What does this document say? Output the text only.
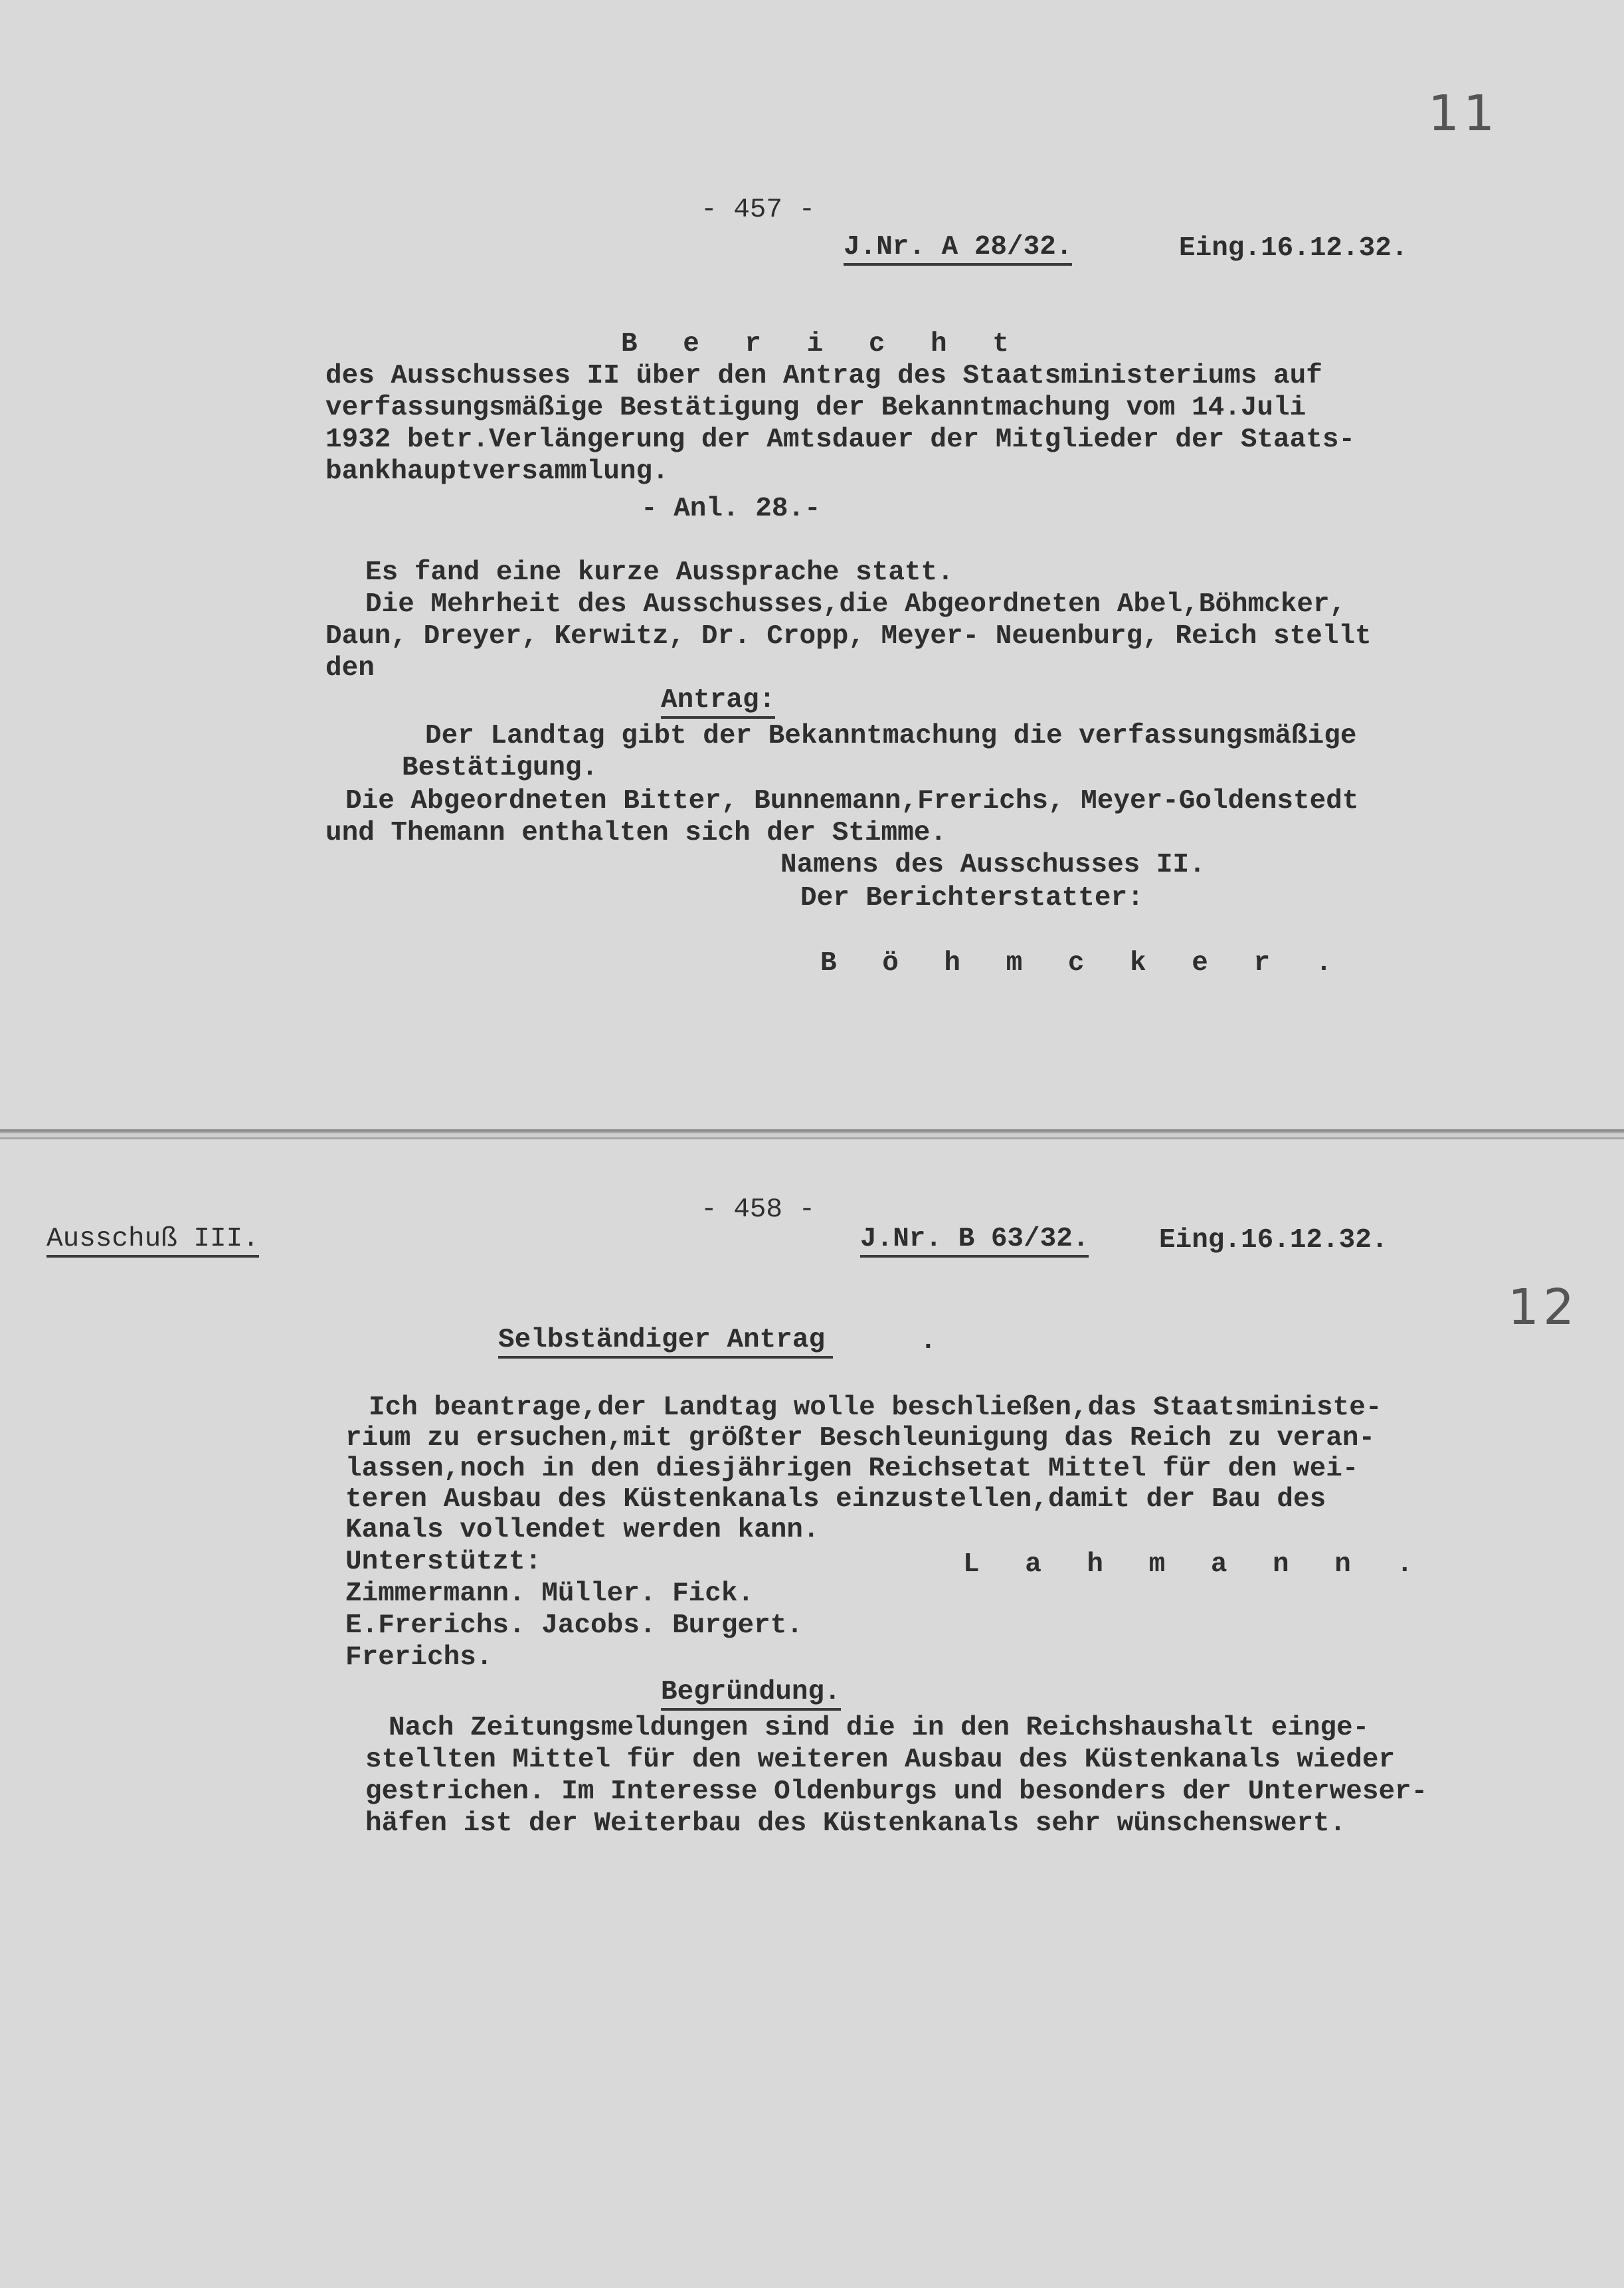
11

- 457 -

J.Nr. A 28/32.	Eing.16.12.32.

B e r i c h t

des Ausschusses II über den Antrag des Staatsministeriums auf

verfassungsmäßige Bestätigung der Bekanntmachung vom 14.Juli

1932 betr.Verlängerung der Amtsdauer der Mitglieder der Staats-

bankhauptversammlung.

- Anl. 28.-

Es fand eine kurze Aussprache statt.

Die Mehrheit des Ausschusses,die Abgeordneten Abel,Böhmcker,

Daun, Dreyer, Kerwitz, Dr. Cropp, Meyer- Neuenburg, Reich stellt

den

Antrag:

Der Landtag gibt der Bekanntmachung die verfassungsmäßige

Bestätigung.

Die Abgeordneten Bitter, Bunnemann,Frerichs, Meyer-Goldenstedt

und Themann enthalten sich der Stimme.

Namens des Ausschusses II.

Der Berichterstatter:

B ö h m c k e r .

Ausschuß III.

- 458 -

J.Nr. B 63/32.	Eing.16.12.32.

12

Selbständiger Antrag	.

Ich beantrage,der Landtag wolle beschließen,das Staatsministe-

rium zu ersuchen,mit größter Beschleunigung das Reich zu veran-

lassen,noch in den diesjährigen Reichsetat Mittel für den wei-

teren Ausbau des Küstenkanals einzustellen,damit der Bau des

Kanals vollendet werden kann.

Unterstützt:	L a h m a n n .

Zimmermann. Müller. Fick.

E.Frerichs. Jacobs. Burgert.

Frerichs.

Begründung.

Nach Zeitungsmeldungen sind die in den Reichshaushalt einge-

stellten Mittel für den weiteren Ausbau des Küstenkanals wieder

gestrichen. Im Interesse Oldenburgs und besonders der Unterweser-

häfen ist der Weiterbau des Küstenkanals sehr wünschenswert.
